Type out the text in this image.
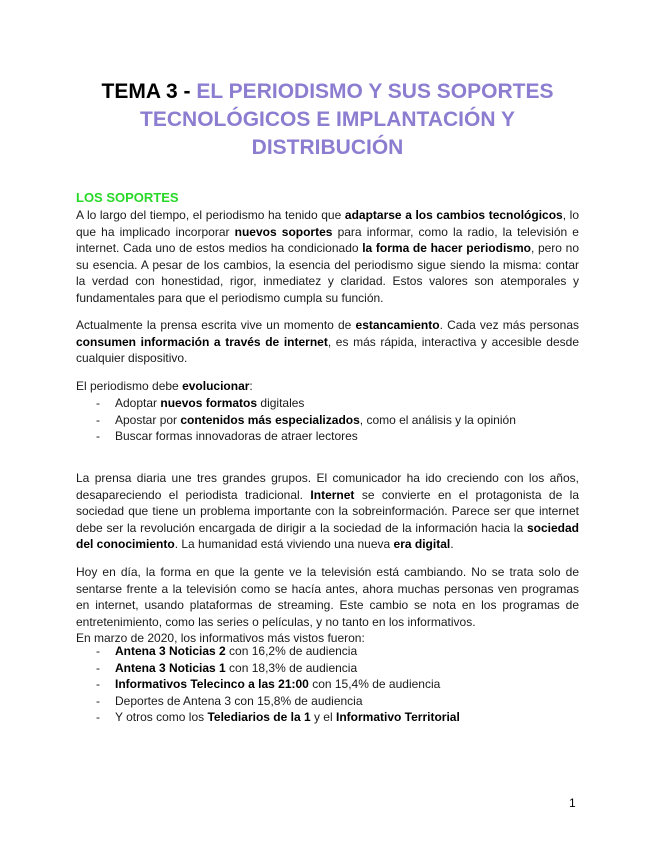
TEMA 3 - EL PERIODISMO Y SUS SOPORTES
TECNOLÓGICOS E IMPLANTACIÓN Y
DISTRIBUCIÓN
LOS SOPORTES

A lo largo del tiempo, el periodismo ha tenido que adaptarse a los cambios tecnológicos, lo que ha implicado incorporar nuevos soportes para informar, como la radio, la televisión e internet. Cada uno de estos medios ha condicionado la forma de hacer periodismo, pero no su esencia. A pesar de los cambios, la esencia del periodismo sigue siendo la misma: contar la verdad con honestidad, rigor, inmediatez y claridad. Estos valores son atemporales y fundamentales para que el periodismo cumpla su función.

Actualmente la prensa escrita vive un momento de estancamiento. Cada vez más personas consumen información a través de internet, es más rápida, interactiva y accesible desde cualquier dispositivo.

El periodismo debe evolucionar:

- Adoptar nuevos formatos digitales
- Apostar por contenidos más especializados, como el análisis y la opinión
- Buscar formas innovadoras de atraer lectores

La prensa diaria une tres grandes grupos. El comunicador ha ido creciendo con los años, desapareciendo el periodista tradicional. Internet se convierte en el protagonista de la sociedad que tiene un problema importante con la sobreinformación. Parece ser que internet debe ser la revolución encargada de dirigir a la sociedad de la información hacia la sociedad del conocimiento. La humanidad está viviendo una nueva era digital.

Hoy en día, la forma en que la gente ve la televisión está cambiando. No se trata solo de sentarse frente a la televisión como se hacía antes, ahora muchas personas ven programas en internet, usando plataformas de streaming. Este cambio se nota en los programas de entretenimiento, como las series o películas, y no tanto en los informativos.
En marzo de 2020, los informativos más vistos fueron:

- Antena 3 Noticias 2 con 16,2% de audiencia
- Antena 3 Noticias 1 con 18,3% de audiencia
- Informativos Telecinco a las 21:00 con 15,4% de audiencia
- Deportes de Antena 3 con 15,8% de audiencia
- Y otros como los Telediarios de la 1 y el Informativo Territorial
1
